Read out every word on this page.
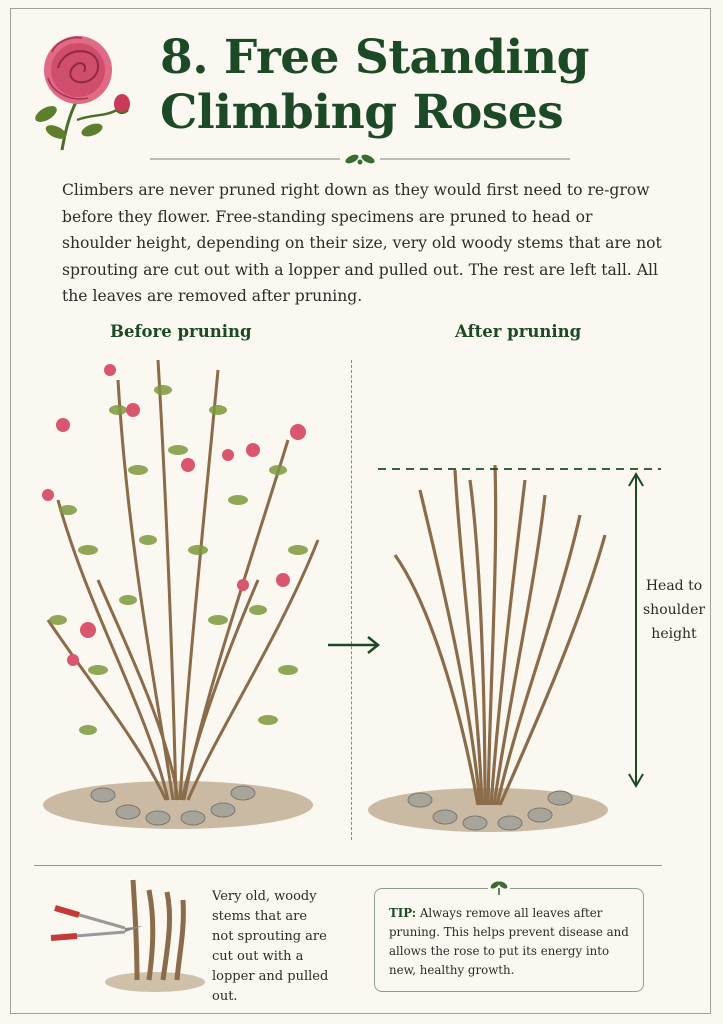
8. Free Standing
Climbing Roses

Climbers are never pruned right down as they would first need to re-grow before they flower. Free-standing specimens are pruned to head or shoulder height, depending on their size, very old woody stems that are not sprouting are cut out with a lopper and pulled out. The rest are left tall. All the leaves are removed after pruning.

Before pruning	After pruning
Head to shoulder height
Very old, woody stems that are not sprouting are cut out with a lopper and pulled out.
TIP: Always remove all leaves after pruning. This helps prevent disease and allows the rose to put its energy into new, healthy growth.
